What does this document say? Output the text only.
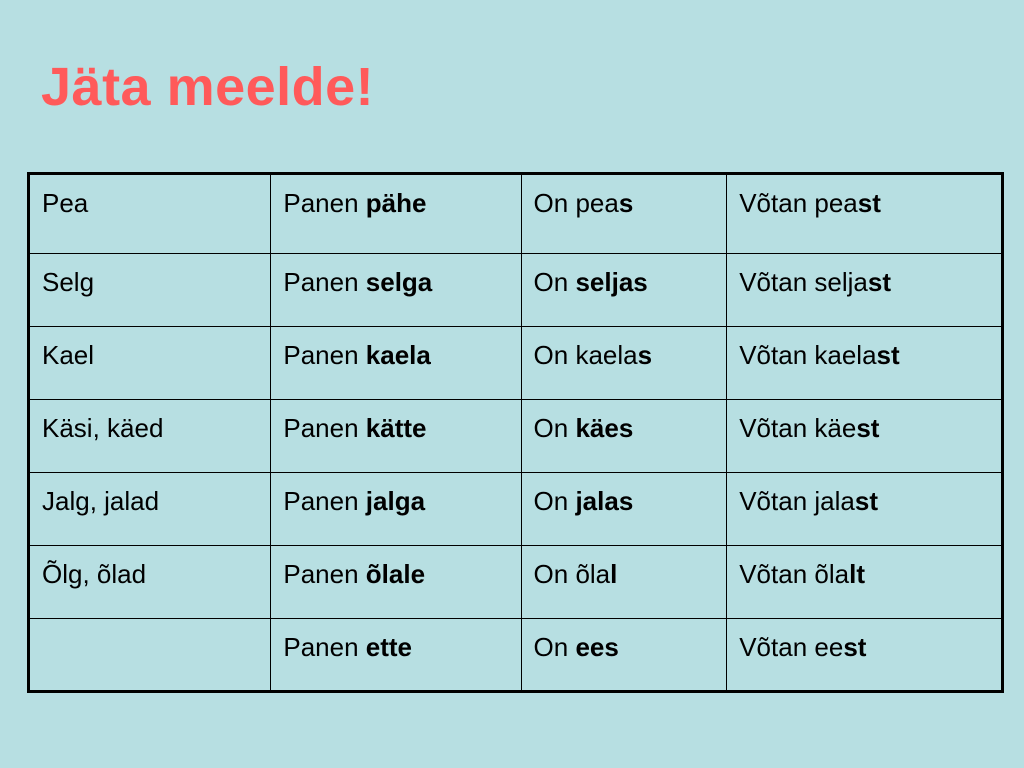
Jäta meelde!
Pea	Panen pähe	On peas	Võtan peast
Selg	Panen selga	On seljas	Võtan seljast
Kael	Panen kaela	On kaelas	Võtan kaelast
Käsi, käed	Panen kätte	On käes	Võtan käest
Jalg, jalad	Panen jalga	On jalas	Võtan jalast
Õlg, õlad	Panen õlale	On õlal	Võtan õlalt
	Panen ette	On ees	Võtan eest
